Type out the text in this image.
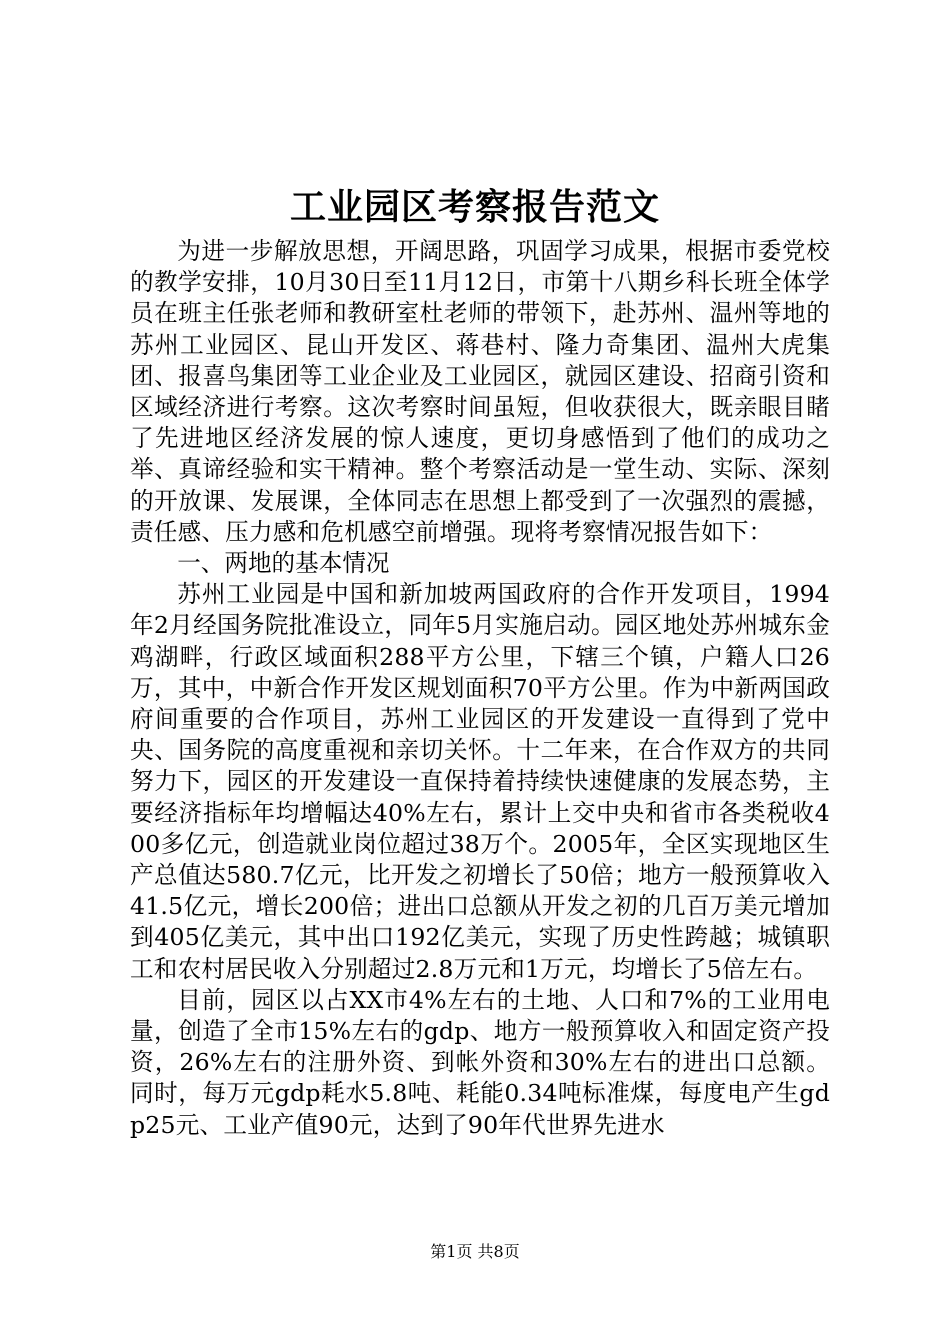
工业园区考察报告范文

为进一步解放思想，开阔思路，巩固学习成果，根据市委党校的教学安排，10月30日至11月12日，市第十八期乡科长班全体学员在班主任张老师和教研室杜老师的带领下，赴苏州、温州等地的苏州工业园区、昆山开发区、蒋巷村、隆力奇集团、温州大虎集团、报喜鸟集团等工业企业及工业园区，就园区建设、招商引资和区域经济进行考察。这次考察时间虽短，但收获很大，既亲眼目睹了先进地区经济发展的惊人速度，更切身感悟到了他们的成功之举、真谛经验和实干精神。整个考察活动是一堂生动、实际、深刻的开放课、发展课，全体同志在思想上都受到了一次强烈的震撼，责任感、压力感和危机感空前增强。现将考察情况报告如下：

一、两地的基本情况

苏州工业园是中国和新加坡两国政府的合作开发项目，1994年2月经国务院批准设立，同年5月实施启动。园区地处苏州城东金鸡湖畔，行政区域面积288平方公里，下辖三个镇，户籍人口26万，其中，中新合作开发区规划面积70平方公里。作为中新两国政府间重要的合作项目，苏州工业园区的开发建设一直得到了党中央、国务院的高度重视和亲切关怀。十二年来，在合作双方的共同努力下，园区的开发建设一直保持着持续快速健康的发展态势，主要经济指标年均增幅达40%左右，累计上交中央和省市各类税收400多亿元，创造就业岗位超过38万个。2005年，全区实现地区生产总值达580.7亿元，比开发之初增长了50倍；地方一般预算收入41.5亿元，增长200倍；进出口总额从开发之初的几百万美元增加到405亿美元，其中出口192亿美元，实现了历史性跨越；城镇职工和农村居民收入分别超过2.8万元和1万元，均增长了5倍左右。

目前，园区以占XX市4%左右的土地、人口和7%的工业用电量，创造了全市15%左右的gdp、地方一般预算收入和固定资产投资，26%左右的注册外资、到帐外资和30%左右的进出口总额。同时，每万元gdp耗水5.8吨、耗能0.34吨标准煤，每度电产生gdp25元、工业产值90元，达到了90年代世界先进水

第1页 共8页
